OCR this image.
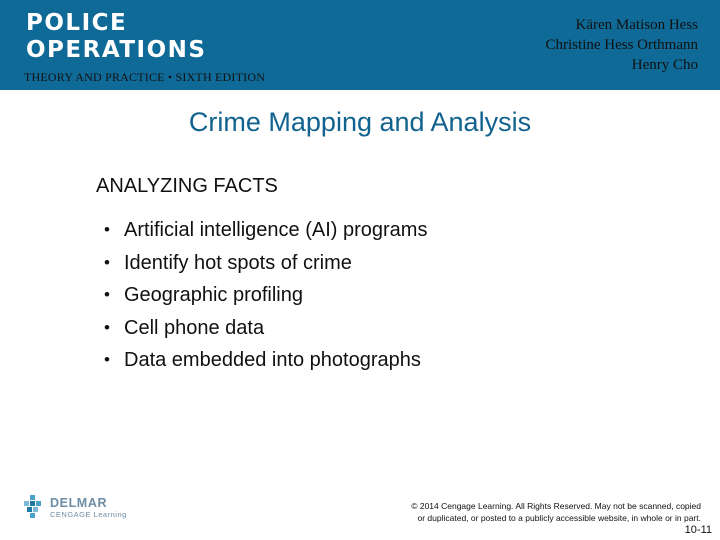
POLICE
OPERATIONS
THEORY AND PRACTICE • SIXTH EDITION
Kären Matison Hess
Christine Hess Orthmann
Henry Cho
Crime Mapping and Analysis
ANALYZING FACTS
• Artificial intelligence (AI) programs
• Identify hot spots of crime
• Geographic profiling
• Cell phone data
• Data embedded into photographs
DELMAR
CENGAGE Learning
© 2014 Cengage Learning. All Rights Reserved. May not be scanned, copied
or duplicated, or posted to a publicly accessible website, in whole or in part.
10-11
